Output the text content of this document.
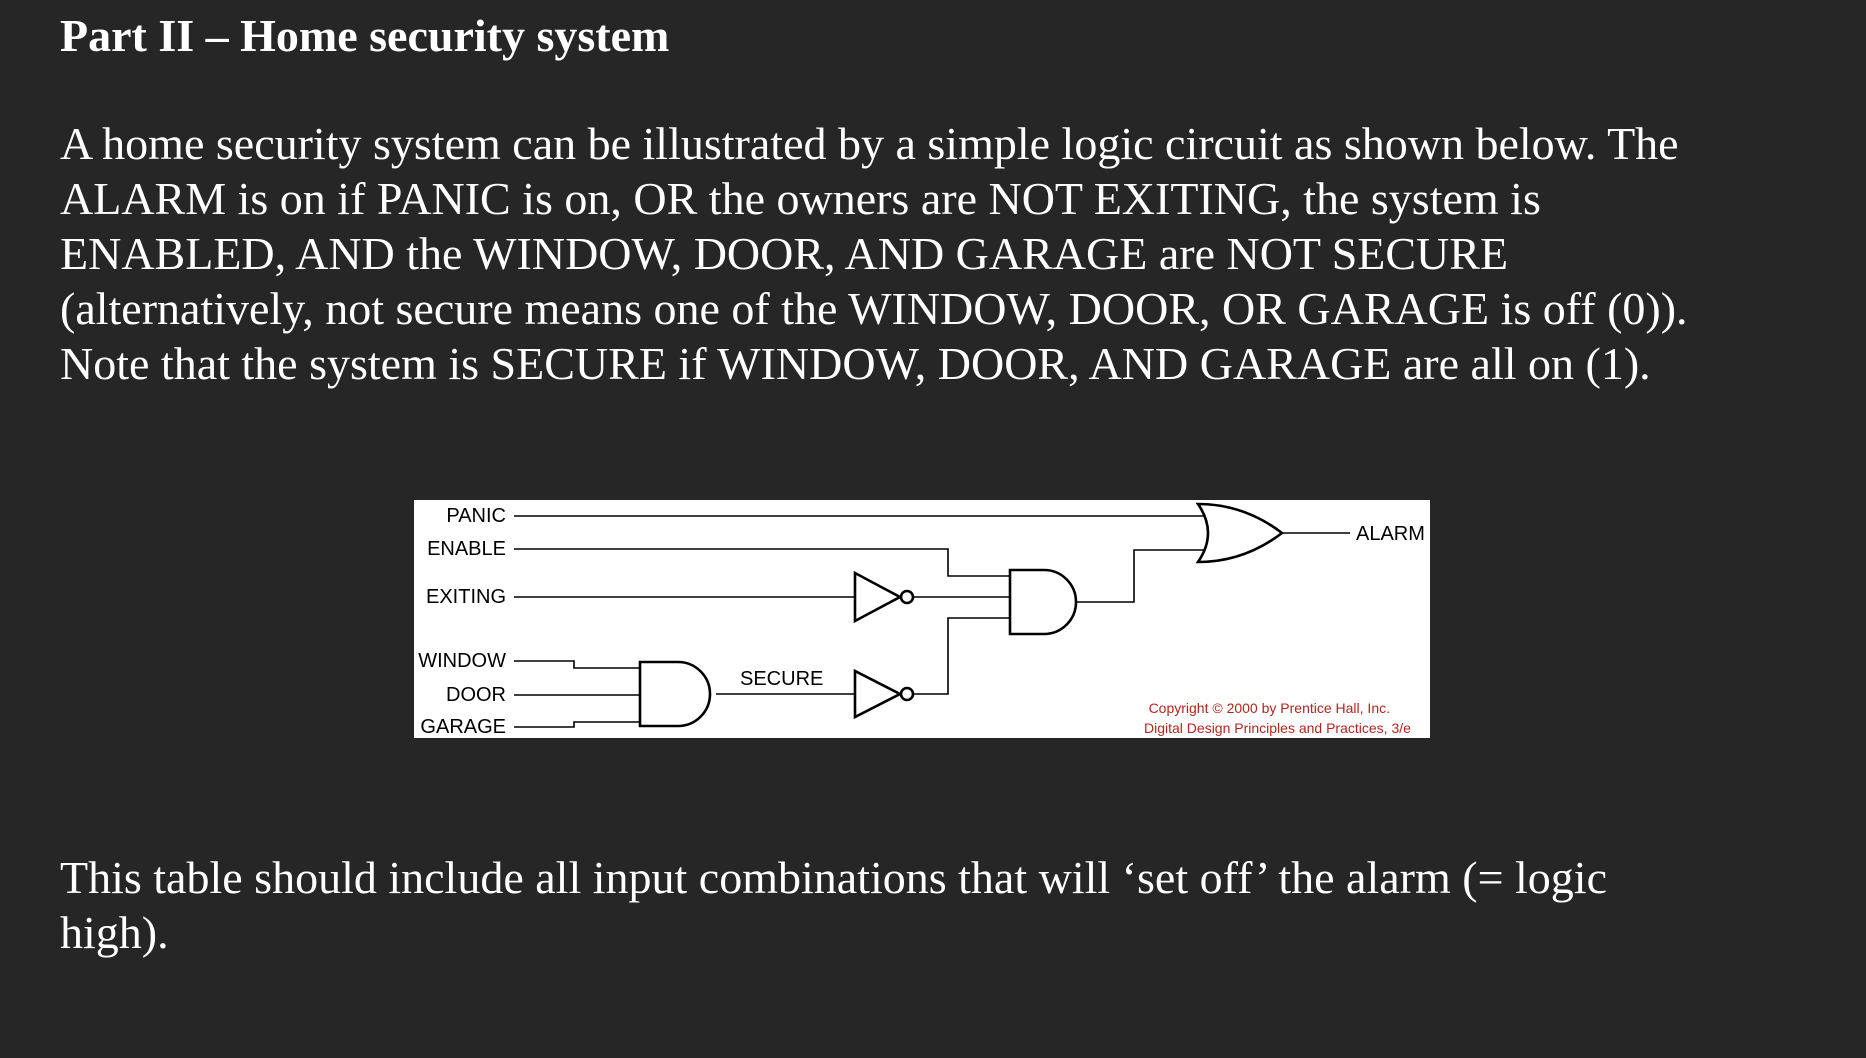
Part II – Home security system
A home security system can be illustrated by a simple logic circuit as shown below. The
ALARM is on if PANIC is on, OR the owners are NOT EXITING, the system is
ENABLED, AND the WINDOW, DOOR, AND GARAGE are NOT SECURE
(alternatively, not secure means one of the WINDOW, DOOR, OR GARAGE is off (0)).
Note that the system is SECURE if WINDOW, DOOR, AND GARAGE are all on (1).
PANIC
ENABLE
EXITING
WINDOW
DOOR
GARAGE
SECURE
ALARM
Copyright © 2000 by Prentice Hall, Inc.
Digital Design Principles and Practices, 3/e
This table should include all input combinations that will ‘set off’ the alarm (= logic
high).
